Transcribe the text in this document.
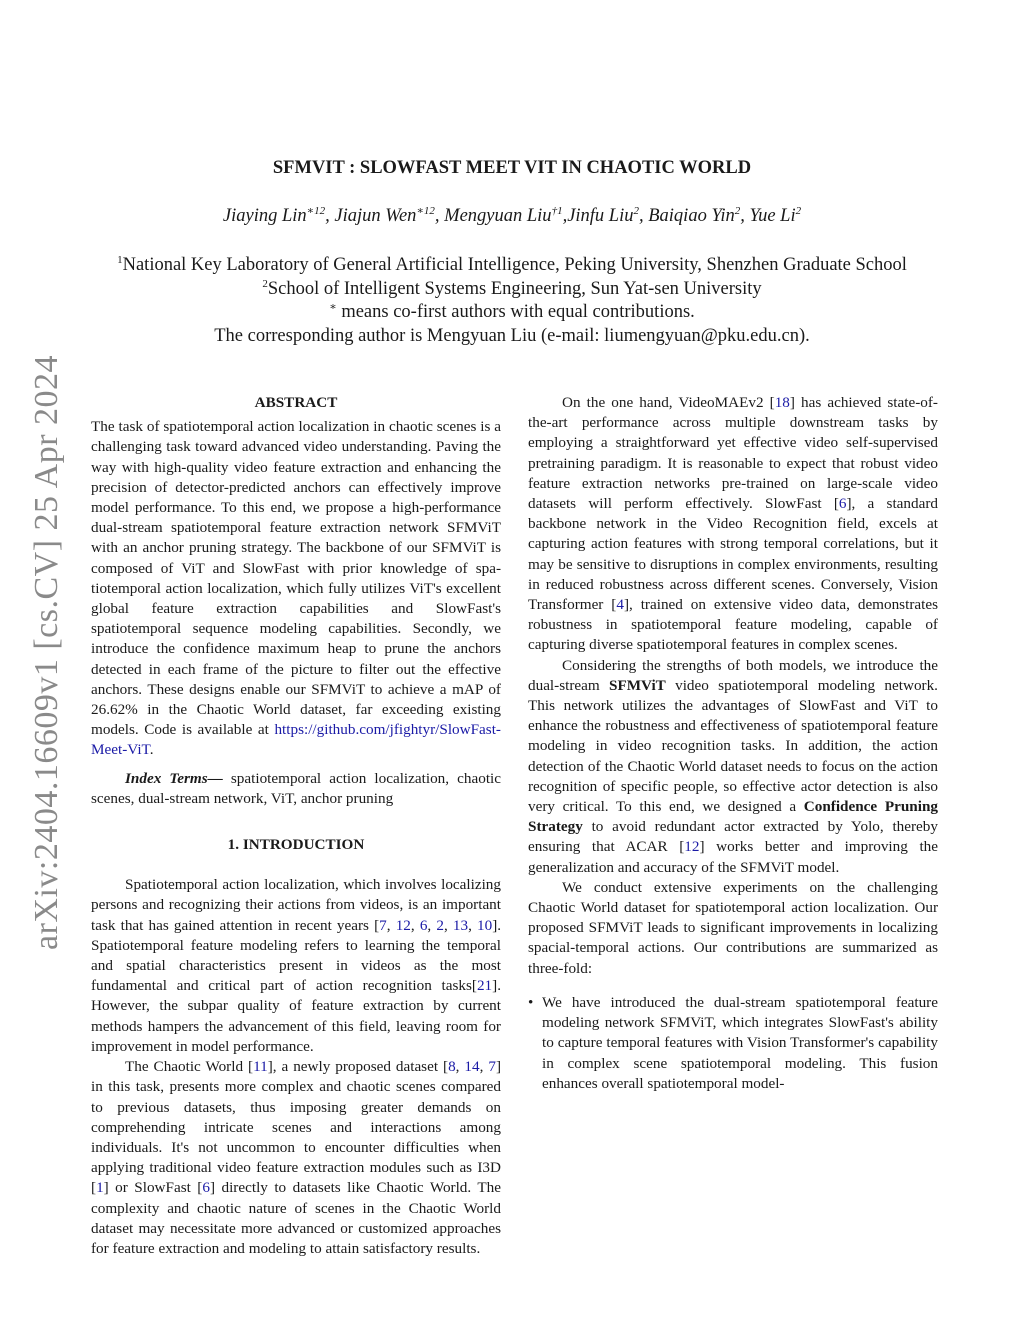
arXiv:2404.16609v1 [cs.CV] 25 Apr 2024
SFMVIT : SLOWFAST MEET VIT IN CHAOTIC WORLD
Jiaying Lin$^{∗12}$, Jiajun Wen$^{∗12}$, Mengyuan Liu$^{\dagger 1}$,Jinfu Liu$^2$, Baiqiao Yin$^2$, Yue Li$^2$
$^1$National Key Laboratory of General Artificial Intelligence, Peking University, Shenzhen Graduate School
$^2$School of Intelligent Systems Engineering, Sun Yat-sen University
∗ means co-first authors with equal contributions.
The corresponding author is Mengyuan Liu (e-mail: liumengyuan@pku.edu.cn).
ABSTRACT

The task of spatiotemporal action localization in chaotic scenes is a challenging task toward advanced video understanding. Paving the way with high-quality video feature extraction and enhancing the precision of detector-predicted anchors can effectively improve model performance. To this end, we propose a high-performance dual-stream spatiotemporal feature extraction network SFMViT with an anchor pruning strategy. The backbone of our SFMViT is composed of ViT and SlowFast with prior knowledge of spatiotemporal action localization, which fully utilizes ViT's excellent global feature extraction capabilities and SlowFast's spatiotemporal sequence modeling capabilities. Secondly, we introduce the confidence maximum heap to prune the anchors detected in each frame of the picture to filter out the effective anchors. These designs enable our SFMViT to achieve a mAP of 26.62% in the Chaotic World dataset, far exceeding existing models. Code is available at https://github.com/jfightyr/SlowFast-Meet-ViT.

Index Terms— spatiotemporal action localization, chaotic scenes, dual-stream network, ViT, anchor pruning

1. INTRODUCTION

Spatiotemporal action localization, which involves localizing persons and recognizing their actions from videos, is an important task that has gained attention in recent years [7, 12, 6, 2, 13, 10]. Spatiotemporal feature modeling refers to learning the temporal and spatial characteristics present in videos as the most fundamental and critical part of action recognition tasks[21]. However, the subpar quality of feature extraction by current methods hampers the advancement of this field, leaving room for improvement in model performance.

The Chaotic World [11], a newly proposed dataset [8, 14, 7] in this task, presents more complex and chaotic scenes compared to previous datasets, thus imposing greater demands on comprehending intricate scenes and interactions among individuals. It's not uncommon to encounter difficulties when applying traditional video feature extraction modules such as I3D [1] or SlowFast [6] directly to datasets like Chaotic World. The complexity and chaotic nature of scenes in the Chaotic World dataset may necessitate more advanced or customized approaches for feature extraction and modeling to attain satisfactory results.

On the one hand, VideoMAEv2 [18] has achieved state-of-the-art performance across multiple downstream tasks by employing a straightforward yet effective video self-supervised pretraining paradigm. It is reasonable to expect that robust video feature extraction networks pre-trained on large-scale video datasets will perform effectively. SlowFast [6], a standard backbone network in the Video Recognition field, excels at capturing action features with strong temporal correlations, but it may be sensitive to disruptions in complex environments, resulting in reduced robustness across different scenes. Conversely, Vision Transformer [4], trained on extensive video data, demonstrates robustness in spatiotemporal feature modeling, capable of capturing diverse spatiotemporal features in complex scenes.

Considering the strengths of both models, we introduce the dual-stream SFMViT video spatiotemporal modeling network. This network utilizes the advantages of SlowFast and ViT to enhance the robustness and effectiveness of spatiotemporal feature modeling in video recognition tasks. In addition, the action detection of the Chaotic World dataset needs to focus on the action recognition of specific people, so effective actor detection is also very critical. To this end, we designed a Confidence Pruning Strategy to avoid redundant actor extracted by Yolo, thereby ensuring that ACAR [12] works better and improving the generalization and accuracy of the SFMViT model.

We conduct extensive experiments on the challenging Chaotic World dataset for spatiotemporal action localization. Our proposed SFMViT leads to significant improvements in localizing spacial-temporal actions. Our contributions are summarized as three-fold:

• We have introduced the dual-stream spatiotemporal feature modeling network SFMViT, which integrates SlowFast's ability to capture temporal features with Vision Transformer's capability in complex scene spatiotemporal modeling. This fusion enhances overall spatiotemporal model-
